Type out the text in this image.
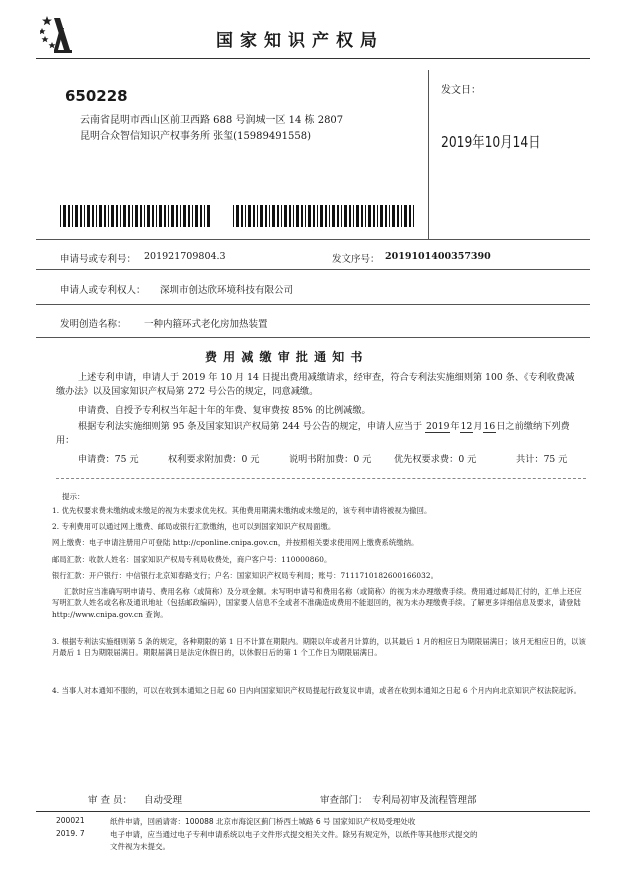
国家知识产权局
650228
云南省昆明市西山区前卫西路 688 号润城一区 14 栋 2807
昆明合众智信知识产权事务所 张玺(15989491558)
发文日：
2019年10月14日
申请号或专利号： 201921709804.3	发文序号： 2019101400357390
申请人或专利权人： 深圳市创达欣环境科技有限公司
发明创造名称： 一种内箍环式老化房加热装置
费 用 减 缴 审 批 通 知 书
上述专利申请，申请人于 2019 年 10 月 14 日提出费用减缴请求，经审查，符合专利法实施细则第 100 条、《专利收费减缴办法》以及国家知识产权局第 272 号公告的规定，同意减缴。
申请费、自授予专利权当年起十年的年费、复审费按 85% 的比例减缴。
根据专利法实施细则第 95 条及国家知识产权局第 244 号公告的规定，申请人应当于 2019年12月16日之前缴纳下列费用：
申请费：75 元	权利要求附加费：0 元	说明书附加费：0 元 优先权要求费：0 元	共计：75 元
提示：
1. 优先权要求费未缴纳或未缴足的视为未要求优先权。其他费用期满未缴纳或未缴足的，该专利申请将被视为撤回。
2. 专利费用可以通过网上缴费、邮局或银行汇款缴纳，也可以到国家知识产权局面缴。
网上缴费：电子申请注册用户可登陆 http://cponline.cnipa.gov.cn，并按照相关要求使用网上缴费系统缴纳。
邮局汇款：收款人姓名：国家知识产权局专利局收费处，商户客户号：110000860。
银行汇款：开户银行：中信银行北京知春路支行；户名：国家知识产权局专利局；账号：7111710182600166032。
汇款时应当准确写明申请号、费用名称（或简称）及分项金额。未写明申请号和费用名称（或简称）的视为未办理缴费手续。费用通过邮局汇付的，汇单上还应写明汇款人姓名或名称及通讯地址（包括邮政编码），国家要人信息不全或者不准确造成费用不能退回的，视为未办理缴费手续。了解更多详细信息及要求，请登陆 http://www.cnipa.gov.cn 查询。
3. 根据专利法实施细则第 5 条的规定，各种期限的第 1 日不计算在期限内。期限以年或者月计算的，以其最后 1 月的相应日为期限届满日；该月无相应日的，以该月最后 1 日为期限届满日。期限届满日是法定休假日的，以休假日后的第 1 个工作日为期限届满日。
4. 当事人对本通知不服的，可以在收到本通知之日起 60 日内向国家知识产权局提起行政复议申请，或者在收到本通知之日起 6 个月内向北京知识产权法院起诉。
审 查 员： 自动受理	审查部门： 专利局初审及流程管理部
200021	纸件申请，回函请寄：100088 北京市海淀区蓟门桥西土城路 6 号 国家知识产权局受理处收
2019. 7	电子申请，应当通过电子专利申请系统以电子文件形式提交相关文件。除另有规定外，以纸件等其他形式提交的
文件视为未提交。
